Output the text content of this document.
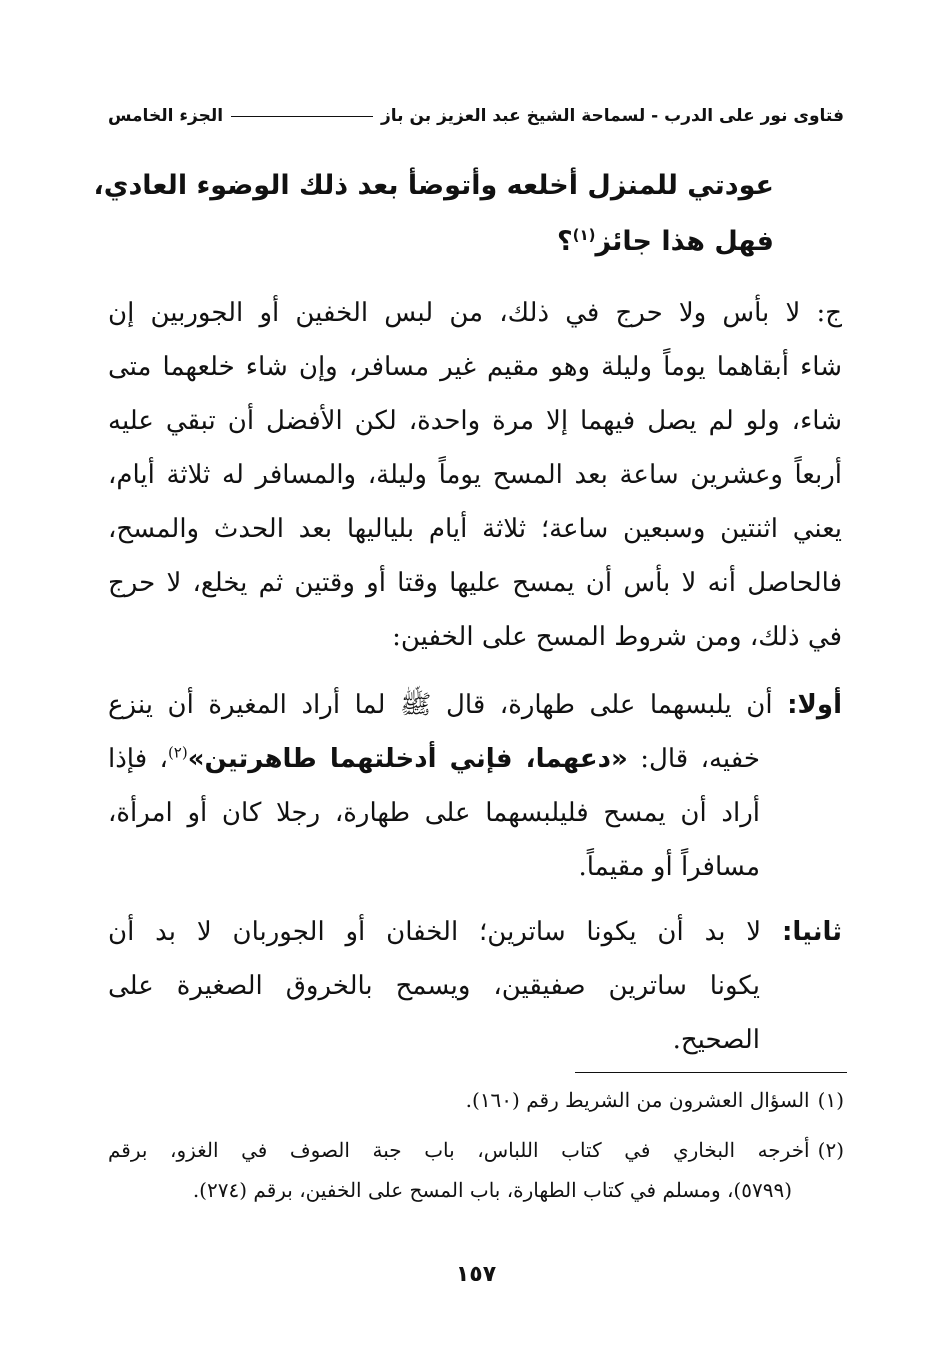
فتاوى نور على الدرب - لسماحة الشيخ عبد العزيز بن باز
الجزء الخامس
عودتي للمنزل أخلعه وأتوضأ بعد ذلك الوضوء العادي،
فهل هذا جائز$^{(١)}$؟
ج: لا بأس ولا حرج في ذلك، من لبس الخفين أو الجوربين إن
شاء أبقاهما يوماً وليلة وهو مقيم غير مسافر، وإن شاء خلعهما متى
شاء، ولو لم يصل فيهما إلا مرة واحدة، لكن الأفضل أن تبقي عليه
أربعاً وعشرين ساعة بعد المسح يوماً وليلة، والمسافر له ثلاثة أيام،
يعني اثنتين وسبعين ساعة؛ ثلاثة أيام بلياليها بعد الحدث والمسح،
فالحاصل أنه لا بأس أن يمسح عليها وقتا أو وقتين ثم يخلع، لا حرج
في ذلك، ومن شروط المسح على الخفين:
أولا: أن يلبسهما على طهارة، قال ﷺ لما أراد المغيرة أن ينزع
خفيه، قال: «دعهما، فإني أدخلتهما طاهرتين»$^{(٢)}$، فإذا
أراد أن يمسح فليلبسهما على طهارة، رجلا كان أو امرأة،
مسافراً أو مقيماً.
ثانيا: لا بد أن يكونا ساترين؛ الخفان أو الجوربان لا بد أن
يكونا ساترين صفيقين، ويسمح بالخروق الصغيرة على
الصحيح.
(١)السؤال العشرون من الشريط رقم (١٦٠).
(٢)أخرجه البخاري في كتاب اللباس، باب جبة الصوف في الغزو، برقم
(٥٧٩٩)، ومسلم في كتاب الطهارة، باب المسح على الخفين، برقم (٢٧٤).
١٥٧
